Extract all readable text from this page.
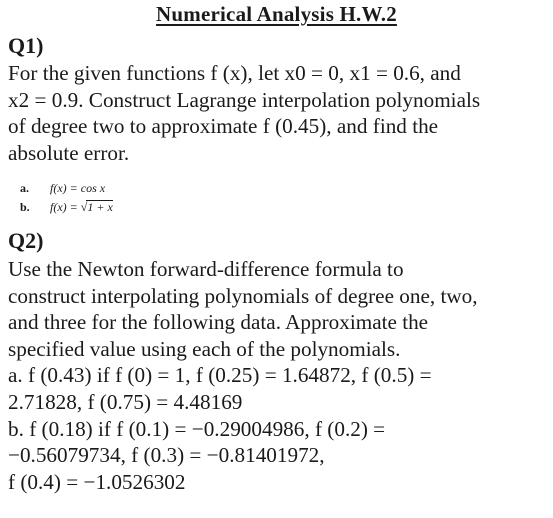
Numerical Analysis H.W.2
Q1)
For the given functions f (x), let x0 = 0, x1 = 0.6, and
x2 = 0.9. Construct Lagrange interpolation polynomials
of degree two to approximate f (0.45), and find the
absolute error.
a. f(x) = cos x
b. f(x) = √1 + x
Q2)
Use the Newton forward-difference formula to
construct interpolating polynomials of degree one, two,
and three for the following data. Approximate the
specified value using each of the polynomials.
a. f (0.43) if f (0) = 1, f (0.25) = 1.64872, f (0.5) =
2.71828, f (0.75) = 4.48169
b. f (0.18) if f (0.1) = −0.29004986, f (0.2) =
−0.56079734, f (0.3) = −0.81401972,
f (0.4) = −1.0526302
